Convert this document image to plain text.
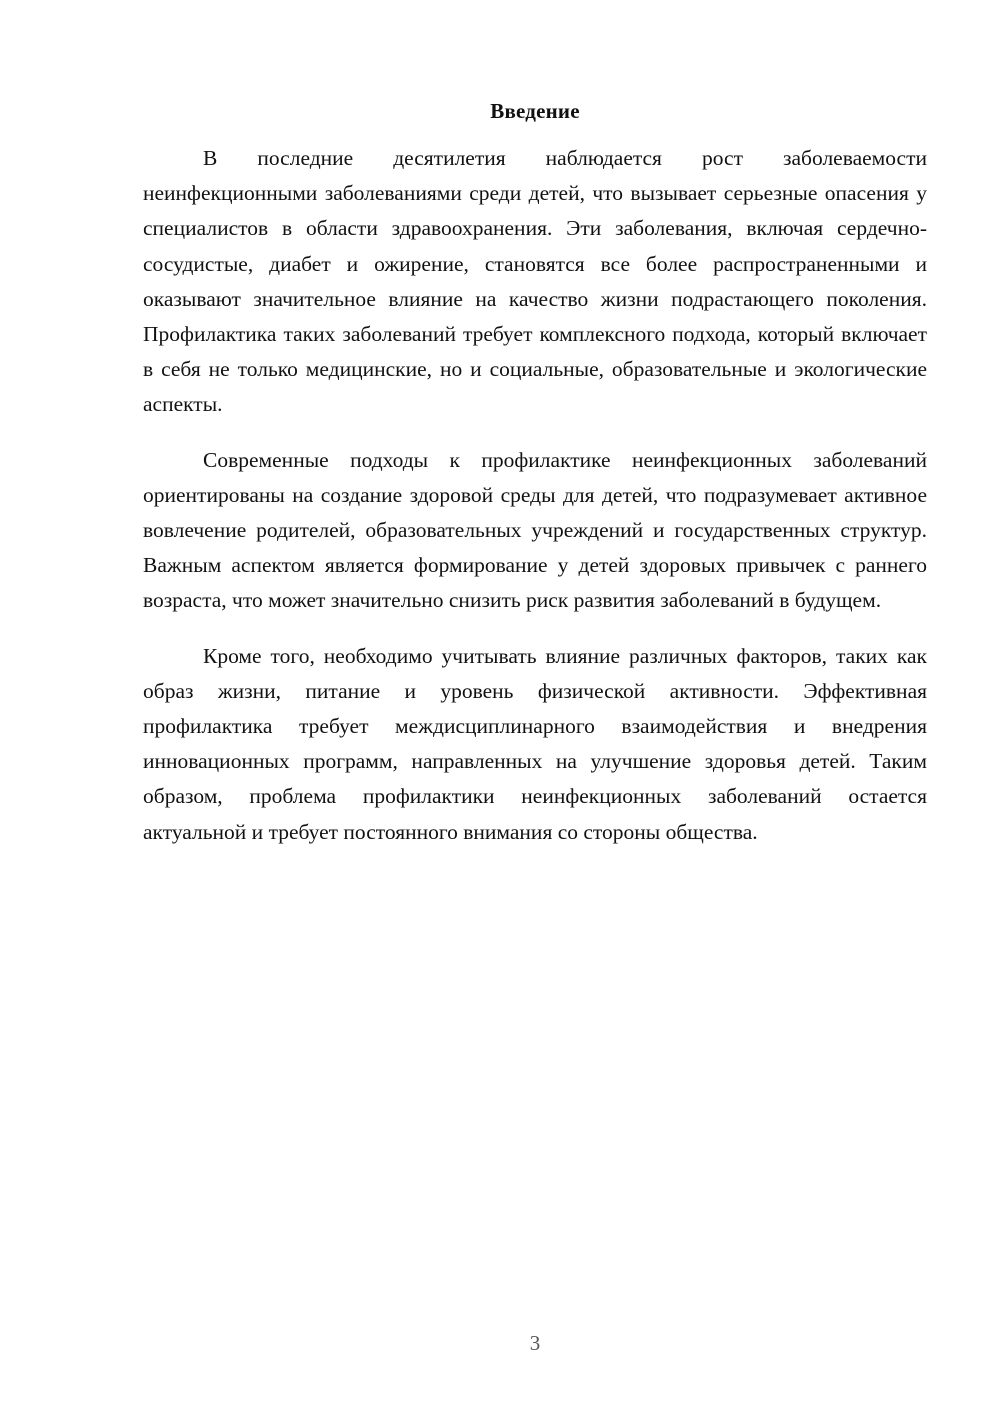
Введение

В последние десятилетия наблюдается рост заболеваемости неинфекционными заболеваниями среди детей, что вызывает серьезные опасения у специалистов в области здравоохранения. Эти заболевания, включая сердечно-сосудистые, диабет и ожирение, становятся все более распространенными и оказывают значительное влияние на качество жизни подрастающего поколения. Профилактика таких заболеваний требует комплексного подхода, который включает в себя не только медицинские, но и социальные, образовательные и экологические аспекты.

Современные подходы к профилактике неинфекционных заболеваний ориентированы на создание здоровой среды для детей, что подразумевает активное вовлечение родителей, образовательных учреждений и государственных структур. Важным аспектом является формирование у детей здоровых привычек с раннего возраста, что может значительно снизить риск развития заболеваний в будущем.

Кроме того, необходимо учитывать влияние различных факторов, таких как образ жизни, питание и уровень физической активности. Эффективная профилактика требует междисциплинарного взаимодействия и внедрения инновационных программ, направленных на улучшение здоровья детей. Таким образом, проблема профилактики неинфекционных заболеваний остается актуальной и требует постоянного внимания со стороны общества.

3
